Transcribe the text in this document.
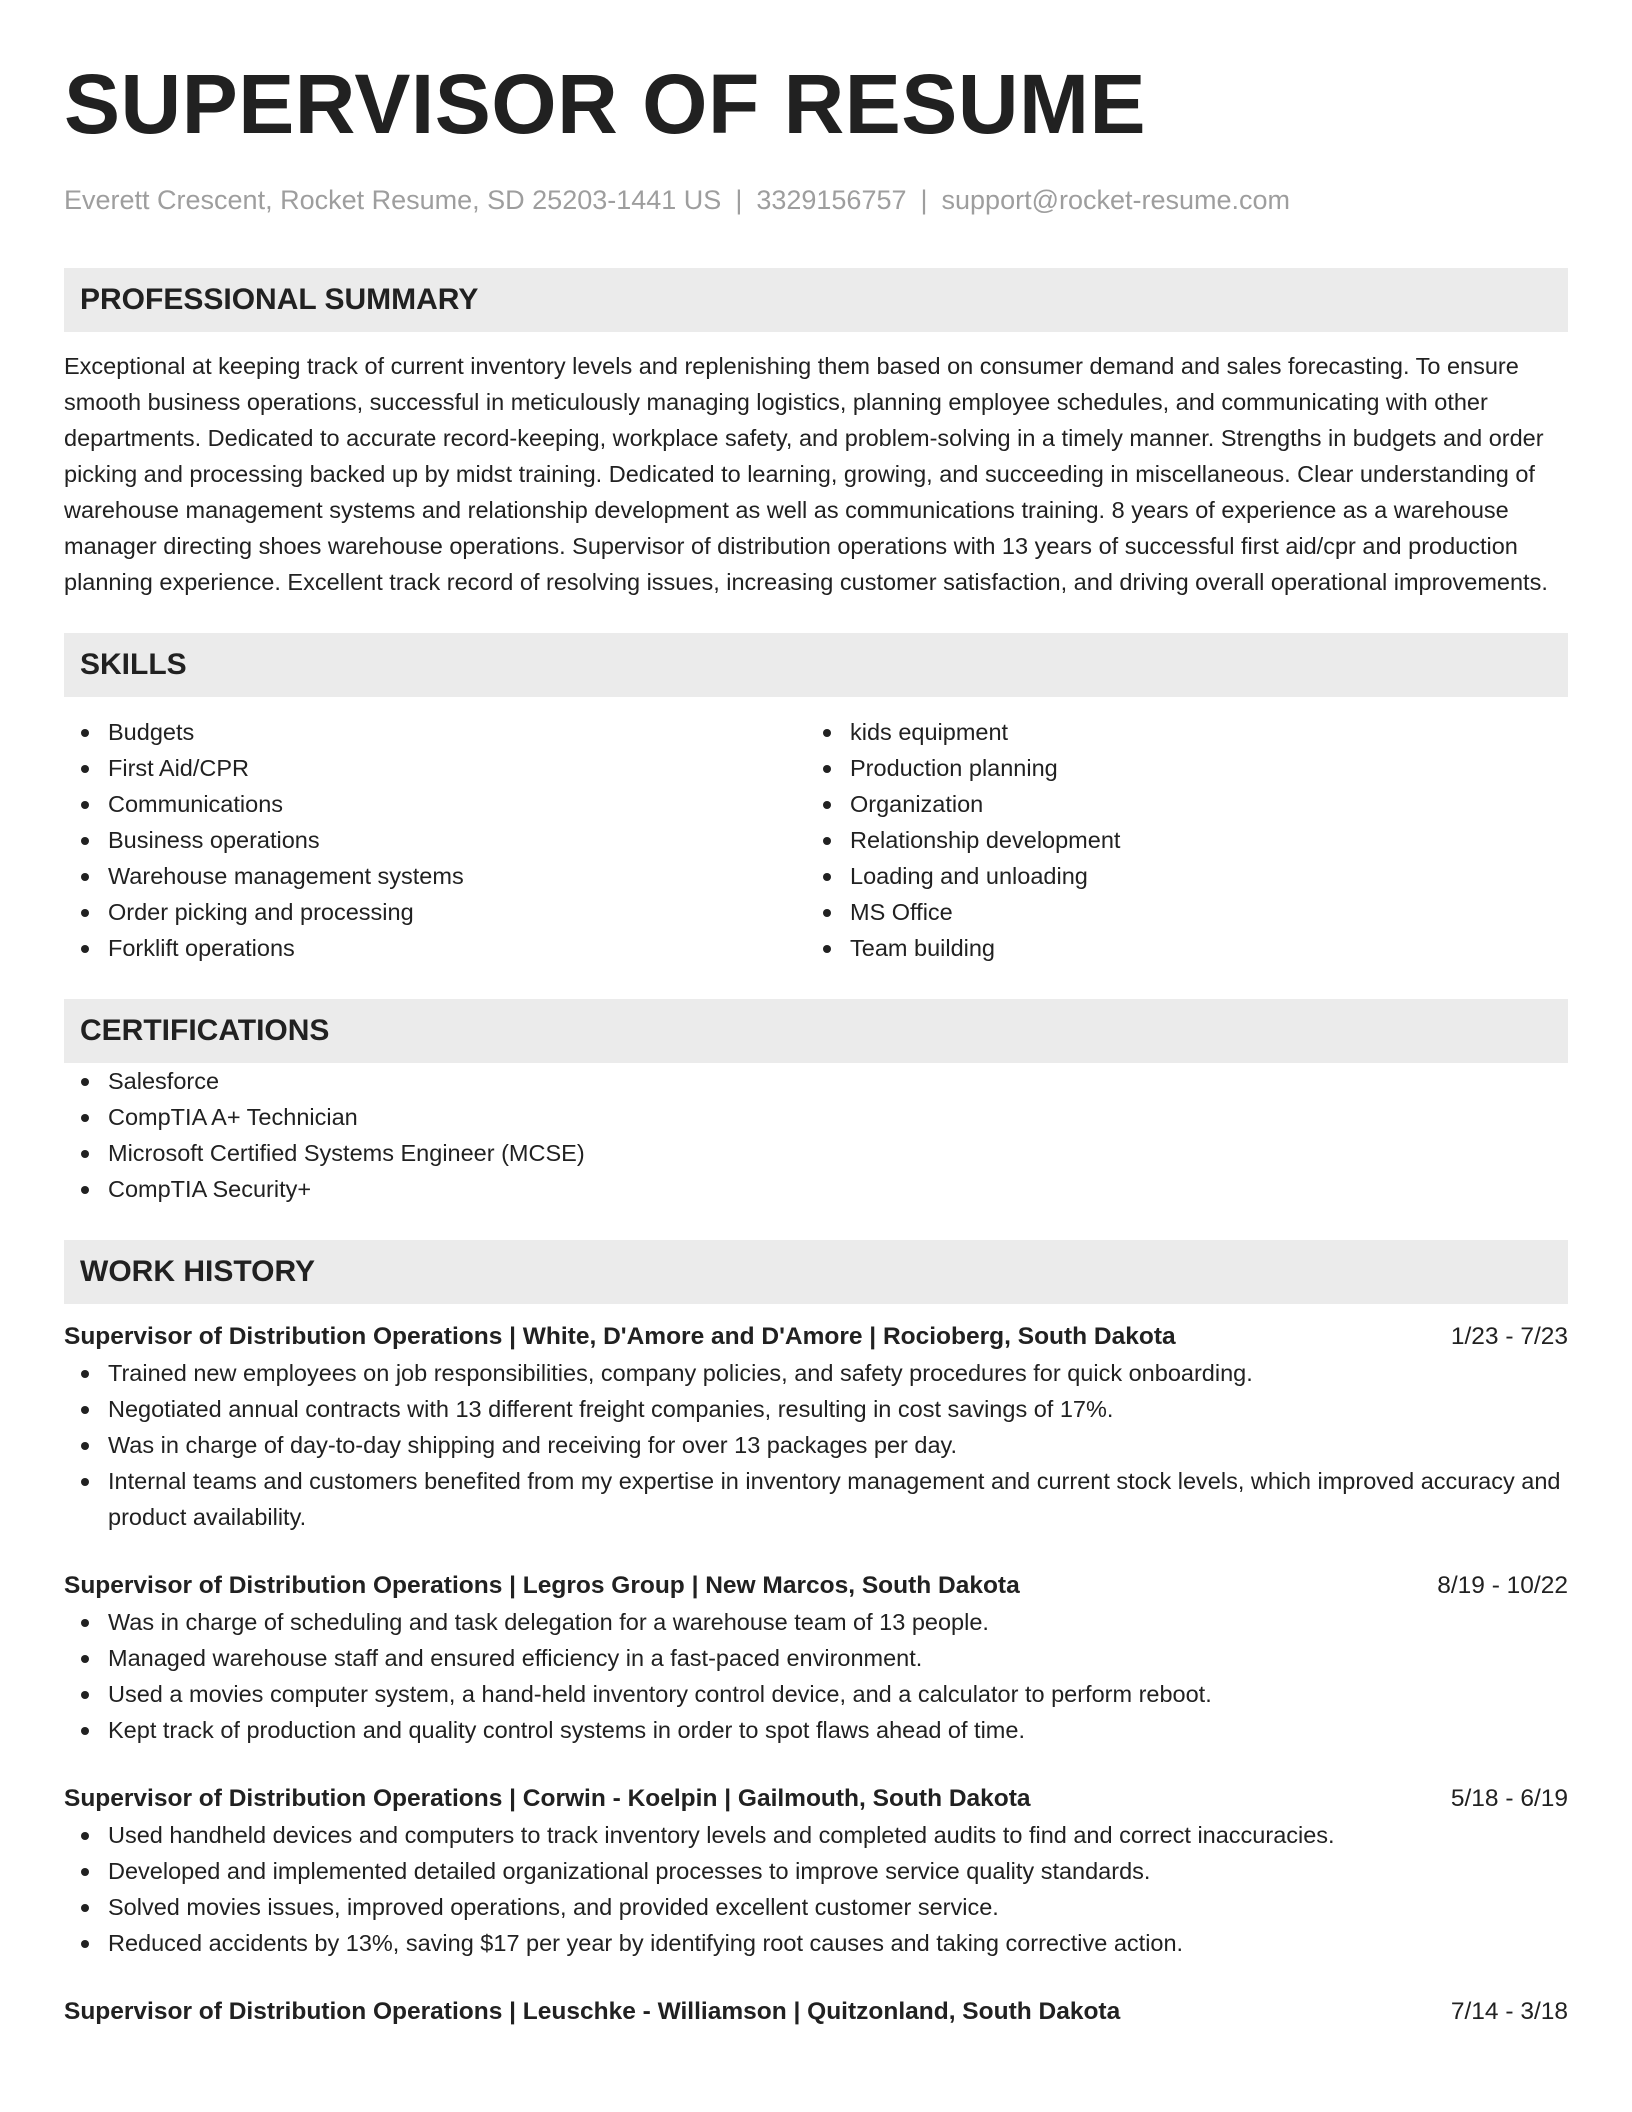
SUPERVISOR OF RESUME
Everett Crescent, Rocket Resume, SD 25203-1441 US | 3329156757 | support@rocket-resume.com
PROFESSIONAL SUMMARY
Exceptional at keeping track of current inventory levels and replenishing them based on consumer demand and sales forecasting. To ensure smooth business operations, successful in meticulously managing logistics, planning employee schedules, and communicating with other departments. Dedicated to accurate record-keeping, workplace safety, and problem-solving in a timely manner. Strengths in budgets and order picking and processing backed up by midst training. Dedicated to learning, growing, and succeeding in miscellaneous. Clear understanding of warehouse management systems and relationship development as well as communications training. 8 years of experience as a warehouse manager directing shoes warehouse operations. Supervisor of distribution operations with 13 years of successful first aid/cpr and production planning experience. Excellent track record of resolving issues, increasing customer satisfaction, and driving overall operational improvements.
SKILLS
Budgets
First Aid/CPR
Communications
Business operations
Warehouse management systems
Order picking and processing
Forklift operations
kids equipment
Production planning
Organization
Relationship development
Loading and unloading
MS Office
Team building
CERTIFICATIONS
Salesforce
CompTIA A+ Technician
Microsoft Certified Systems Engineer (MCSE)
CompTIA Security+
WORK HISTORY
Supervisor of Distribution Operations | White, D'Amore and D'Amore | Rocioberg, South Dakota	1/23 - 7/23
Trained new employees on job responsibilities, company policies, and safety procedures for quick onboarding.
Negotiated annual contracts with 13 different freight companies, resulting in cost savings of 17%.
Was in charge of day-to-day shipping and receiving for over 13 packages per day.
Internal teams and customers benefited from my expertise in inventory management and current stock levels, which improved accuracy and product availability.
Supervisor of Distribution Operations | Legros Group | New Marcos, South Dakota	8/19 - 10/22
Was in charge of scheduling and task delegation for a warehouse team of 13 people.
Managed warehouse staff and ensured efficiency in a fast-paced environment.
Used a movies computer system, a hand-held inventory control device, and a calculator to perform reboot.
Kept track of production and quality control systems in order to spot flaws ahead of time.
Supervisor of Distribution Operations | Corwin - Koelpin | Gailmouth, South Dakota	5/18 - 6/19
Used handheld devices and computers to track inventory levels and completed audits to find and correct inaccuracies.
Developed and implemented detailed organizational processes to improve service quality standards.
Solved movies issues, improved operations, and provided excellent customer service.
Reduced accidents by 13%, saving $17 per year by identifying root causes and taking corrective action.
Supervisor of Distribution Operations | Leuschke - Williamson | Quitzonland, South Dakota	7/14 - 3/18
